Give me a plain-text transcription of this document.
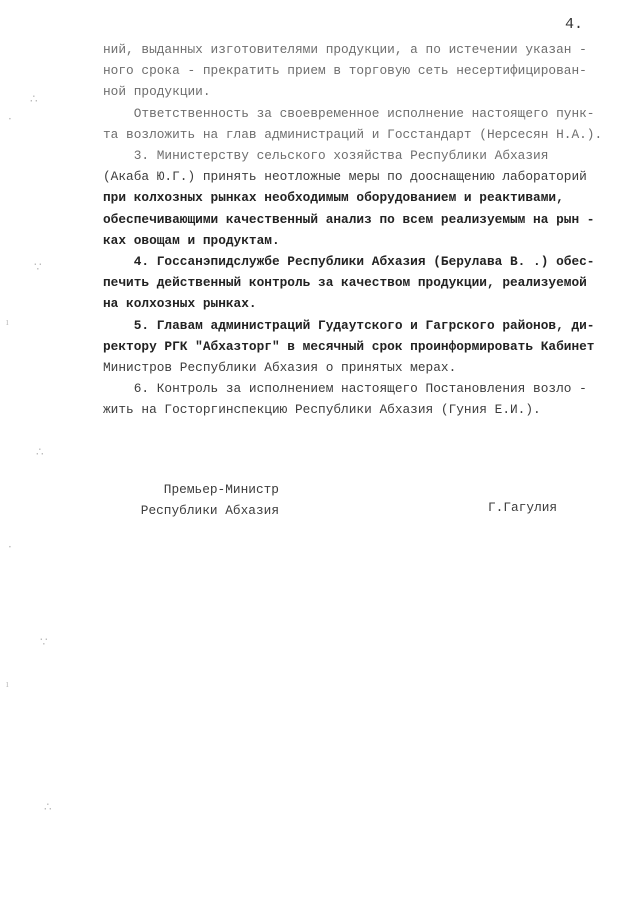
4.
ний, выданных изготовителями продукции, а по истечении указан -
ного срока - прекратить прием в торговую сеть несертифицирован-
ной продукции.
Ответственность за своевременное исполнение настоящего пунк-
та возложить на глав администраций и Госстандарт (Нерсесян Н.А.).
3. Министерству сельского хозяйства Республики Абхазия
(Акаба Ю.Г.) принять неотложные меры по дооснащению лабораторий
при колхозных рынках необходимым оборудованием и реактивами,
обеспечивающими качественный анализ по всем реализуемым на рын -
ках овощам и продуктам.
4. Госсанэпидслужбе Республики Абхазия (Берулава В. .) обес-
печить действенный контроль за качеством продукции, реализуемой
на колхозных рынках.
5. Главам администраций Гудаутского и Гагрского районов, ди-
ректору РГК "Абхазторг" в месячный срок проинформировать Кабинет
Министров Республики Абхазия о принятых мерах.
6. Контроль за исполнением настоящего Постановления возло -
жить на Госторгинспекцию Республики Абхазия (Гуния Е.И.).
Премьер-Министр
Республики Абхазия	Г.Гагулия
∴
·
∵
ˡ
∴
·
∵
ˡ
∴
